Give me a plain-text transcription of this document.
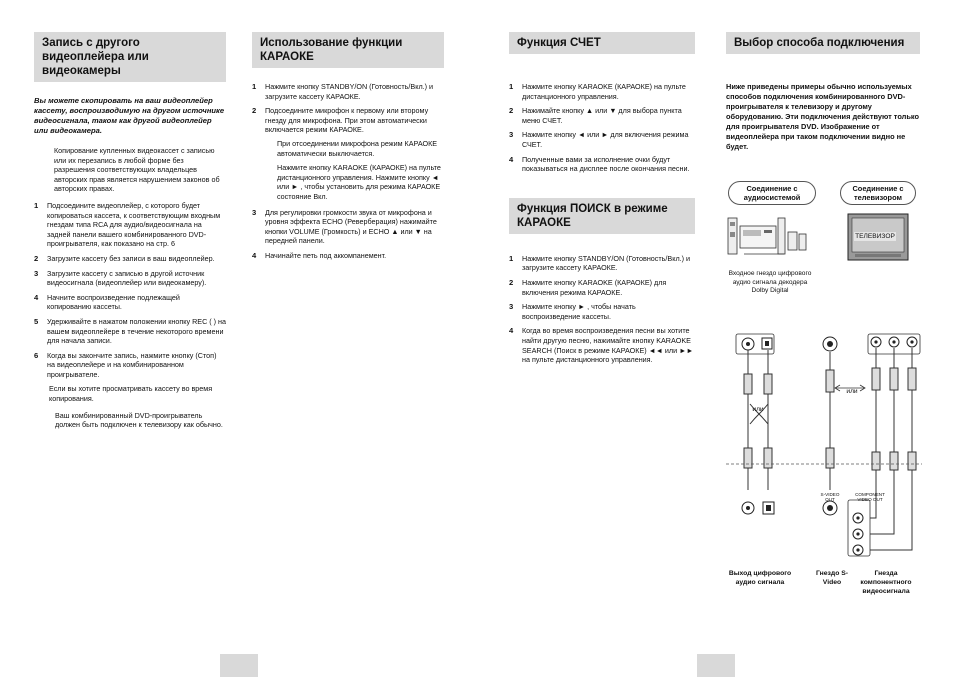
Запись с другого видеоплейера или видеокамеры
Вы можете скопировать на ваш видеоплейер кассету, воспроизводимую на другом источнике видеосигнала, таком как другой видеоплейер или видеокамера.
Копирование купленных видеокассет с записью или их перезапись в любой форме без разрешения соответствующих владельцев авторских прав является нарушением законов об авторских правах.
1 Подсоедините видеоплейер, с которого будет копироваться кассета, к соответствующим входным гнездам типа RCA для аудио/видеосигнала на задней панели вашего комбинированного DVD-проигрывателя, как показано на стр. 6
2 Загрузите кассету без записи в ваш видеоплейер.
3 Загрузите кассету с записью в другой источник видеосигнала (видеоплейер или видеокамеру).
4 Начните воспроизведение подлежащей копированию кассеты.
5 Удерживайте в нажатом положении кнопку REC ( ) на вашем видеоплейере в течение некоторого времени для начала записи.
6 Когда вы закончите запись, нажмите кнопку (Стоп) на видеоплейере и на комбинированном проигрывателе.
Если вы хотите просматривать кассету во время копирования.
Ваш комбинированный DVD-проигрыватель должен быть подключен к телевизору как обычно.
Использование функции КАРАОКЕ
1 Нажмите кнопку STANDBY/ON (Готовность/Вкл.) и загрузите кассету КАРАОКЕ.
2 Подсоедините микрофон к первому или второму гнезду для микрофона. При этом автоматически включается режим КАРАОКЕ.
При отсоединении микрофона режим КАРАОКЕ автоматически выключается.
Нажмите кнопку KARAOKE (КАРАОКЕ) на пульте дистанционного управления. Нажмите кнопку ◄ или ► , чтобы установить для режима КАРАОКЕ состояние Вкл.
3 Для регулировки громкости звука от микрофона и уровня эффекта ECHO (Реверберация) нажимайте кнопки VOLUME (Громкость) и ECHO ▲ или ▼ на передней панели.
4 Начинайте петь под аккомпанемент.
Функция СЧЕТ
1 Нажмите кнопку KARAOKE (КАРАОКЕ) на пульте дистанционного управления.
2 Нажимайте кнопку ▲ или ▼ для выбора пункта меню СЧЕТ.
3 Нажмите кнопку ◄ или ► для включения режима СЧЕТ.
4 Полученные вами за исполнение очки будут показываться на дисплее после окончания песни.
Функция ПОИСК в режиме КАРАОКЕ
1 Нажмите кнопку STANDBY/ON (Готовность/Вкл.) и загрузите кассету КАРАОКЕ.
2 Нажмите кнопку KARAOKE (КАРАОКЕ) для включения режима КАРАОКЕ.
3 Нажмите кнопку ► , чтобы начать воспроизведение кассеты.
4 Когда во время воспроизведения песни вы хотите найти другую песню, нажимайте кнопку KARAOKE SEARCH (Поиск в режиме КАРАОКЕ) ◄◄ или ►► на пульте дистанционного управления.
Выбор способа подключения
Ниже приведены примеры обычно используемых способов подключения комбинированного DVD-проигрывателя к телевизору и другому оборудованию. Эти подключения действуют только для проигрывателя DVD. Изображение от видеоплейера при таком подключении видно не будет.
Соединение с аудиосистемой
Соединение с телевизором
ТЕЛЕВИЗОР
Входное гнездо цифрового аудио сигнала декодера Dolby Digital
или
или
S-VIDEO OUT
COMPONENT VIDEO OUT
Выход цифрового аудио сигнала
Гнездо S-Video
Гнезда компонентного видеосигнала
